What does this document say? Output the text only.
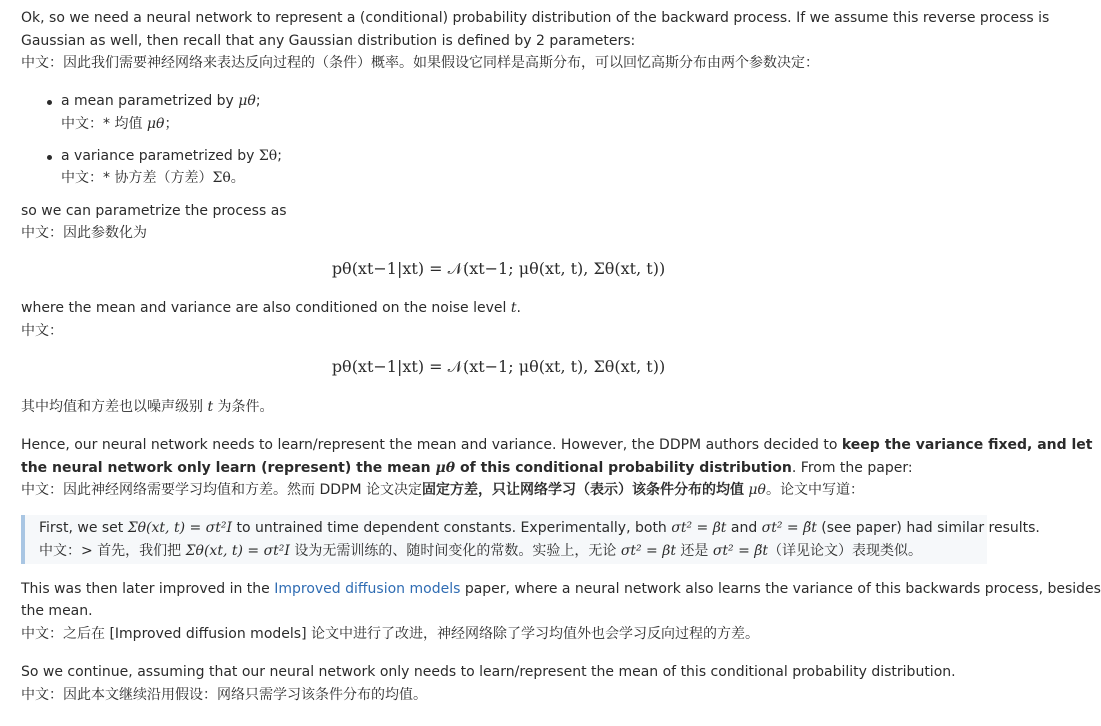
Ok, so we need a neural network to represent a (conditional) probability distribution of the backward process. If we assume this reverse process is
Gaussian as well, then recall that any Gaussian distribution is defined by 2 parameters:
中文：因此我们需要神经网络来表达反向过程的（条件）概率。如果假设它同样是高斯分布，可以回忆高斯分布由两个参数决定：
a mean parametrized by μθ;
中文：* 均值 μθ；
a variance parametrized by Σθ;
中文：* 协方差（方差）Σθ。
so we can parametrize the process as
中文：因此参数化为
pθ(xt−1|xt) = 𝒩(xt−1; μθ(xt, t), Σθ(xt, t))
where the mean and variance are also conditioned on the noise level t.
中文：
pθ(xt−1|xt) = 𝒩(xt−1; μθ(xt, t), Σθ(xt, t))
其中均值和方差也以噪声级别 t 为条件。
Hence, our neural network needs to learn/represent the mean and variance. However, the DDPM authors decided to keep the variance fixed, and let
the neural network only learn (represent) the mean μθ of this conditional probability distribution. From the paper:
中文：因此神经网络需要学习均值和方差。然而 DDPM 论文决定固定方差，只让网络学习（表示）该条件分布的均值 μθ。论文中写道：
First, we set Σθ(xt, t) = σt²I to untrained time dependent constants. Experimentally, both σt² = βt and σt² = β̃t (see paper) had similar results.
中文：> 首先，我们把 Σθ(xt, t) = σt²I 设为无需训练的、随时间变化的常数。实验上，无论 σt² = βt 还是 σt² = β̃t（详见论文）表现类似。
This was then later improved in the Improved diffusion models paper, where a neural network also learns the variance of this backwards process, besides
the mean.
中文：之后在 [Improved diffusion models] 论文中进行了改进，神经网络除了学习均值外也会学习反向过程的方差。
So we continue, assuming that our neural network only needs to learn/represent the mean of this conditional probability distribution.
中文：因此本文继续沿用假设：网络只需学习该条件分布的均值。
